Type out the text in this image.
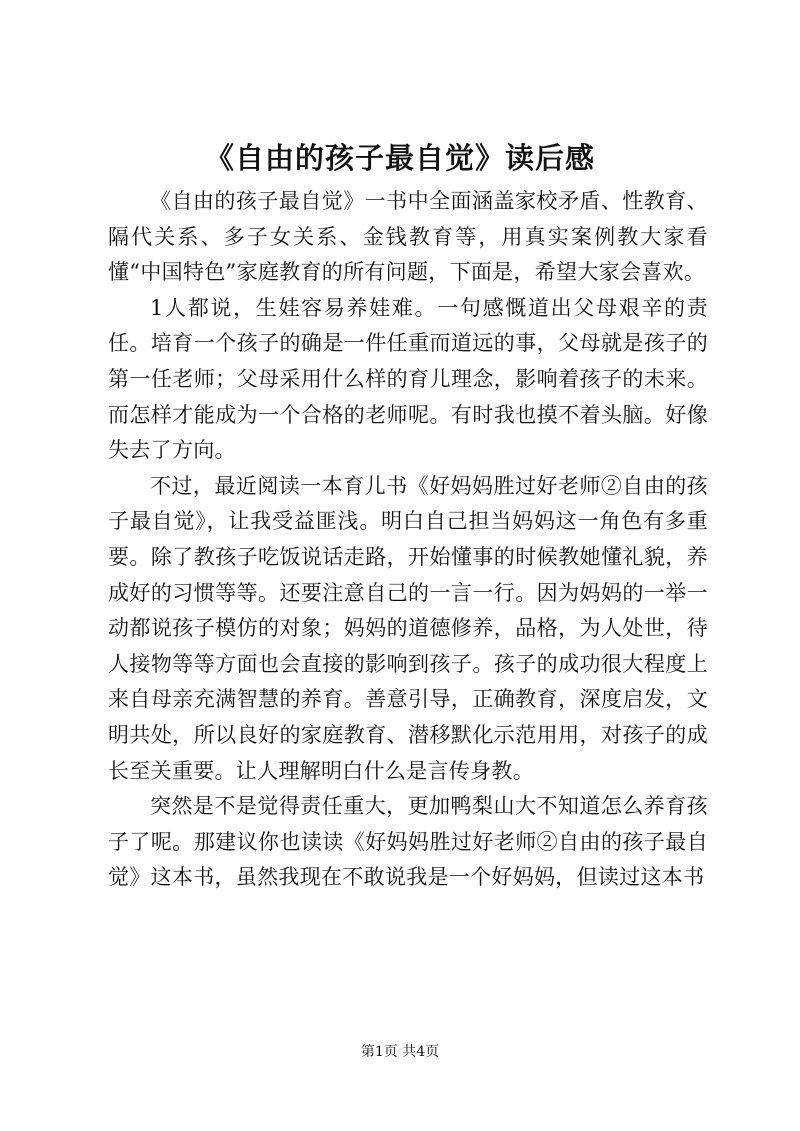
《自由的孩子最自觉》读后感

《自由的孩子最自觉》一书中全面涵盖家校矛盾、性教育、隔代关系、多子女关系、金钱教育等，用真实案例教大家看懂“中国特色”家庭教育的所有问题，下面是，希望大家会喜欢。

1人都说，生娃容易养娃难。一句感慨道出父母艰辛的责任。培育一个孩子的确是一件任重而道远的事，父母就是孩子的第一任老师；父母采用什么样的育儿理念，影响着孩子的未来。而怎样才能成为一个合格的老师呢。有时我也摸不着头脑。好像失去了方向。

不过，最近阅读一本育儿书《好妈妈胜过好老师②自由的孩子最自觉》，让我受益匪浅。明白自己担当妈妈这一角色有多重要。除了教孩子吃饭说话走路，开始懂事的时候教她懂礼貌，养成好的习惯等等。还要注意自己的一言一行。因为妈妈的一举一动都说孩子模仿的对象；妈妈的道德修养，品格，为人处世，待人接物等等方面也会直接的影响到孩子。孩子的成功很大程度上来自母亲充满智慧的养育。善意引导，正确教育，深度启发，文明共处，所以良好的家庭教育、潜移默化示范用用，对孩子的成长至关重要。让人理解明白什么是言传身教。

突然是不是觉得责任重大，更加鸭梨山大不知道怎么养育孩子了呢。那建议你也读读《好妈妈胜过好老师②自由的孩子最自觉》这本书，虽然我现在不敢说我是一个好妈妈，但读过这本书

第1页 共4页
